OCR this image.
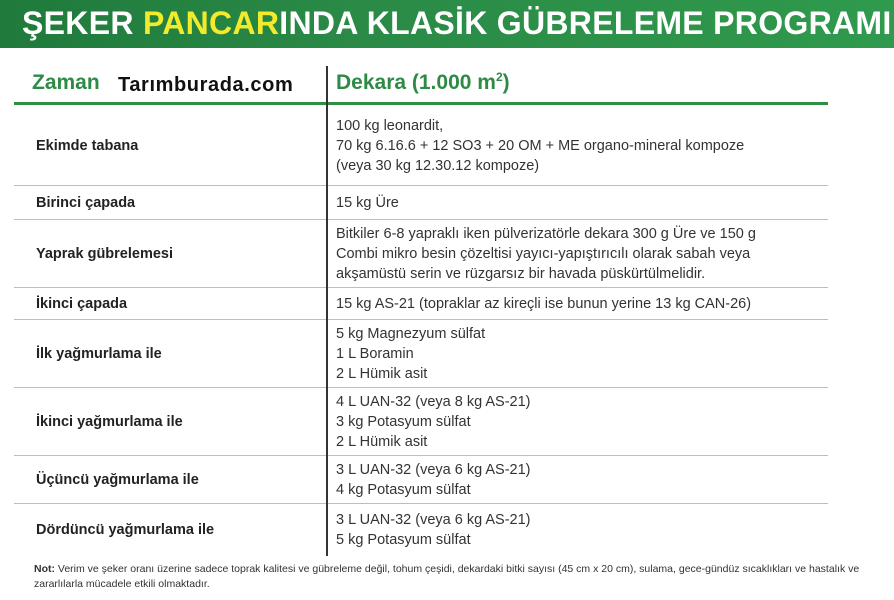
ŞEKER PANCARINDA KLASİK GÜBRELEME PROGRAMI
Zaman Tarımburada.com Dekara (1.000 $m^2$)
Ekimde tabana
100 kg leonardit,
70 kg 6.16.6 + 12 SO3 + 20 OM + ME organo-mineral kompoze
(veya 30 kg 12.30.12 kompoze)
Birinci çapada	15 kg Üre
Yaprak gübrelemesi
Bitkiler 6-8 yapraklı iken pülverizatörle dekara 300 g Üre ve 150 g
Combi mikro besin çözeltisi yayıcı-yapıştırıcılı olarak sabah veya
akşamüstü serin ve rüzgarsız bir havada püskürtülmelidir.
İkinci çapada	15 kg AS-21 (topraklar az kireçli ise bunun yerine 13 kg CAN-26)
İlk yağmurlama ile
5 kg Magnezyum sülfat
1 L Boramin
2 L Hümik asit
İkinci yağmurlama ile
4 L UAN-32 (veya 8 kg AS-21)
3 kg Potasyum sülfat
2 L Hümik asit
Üçüncü yağmurlama ile
3 L UAN-32 (veya 6 kg AS-21)
4 kg Potasyum sülfat
Dördüncü yağmurlama ile
3 L UAN-32 (veya 6 kg AS-21)
5 kg Potasyum sülfat
Not: Verim ve şeker oranı üzerine sadece toprak kalitesi ve gübreleme değil, tohum çeşidi, dekardaki bitki sayısı (45 cm x 20 cm), sulama, gece-gündüz sıcaklıkları ve hastalık ve zararlılarla mücadele etkili olmaktadır.
